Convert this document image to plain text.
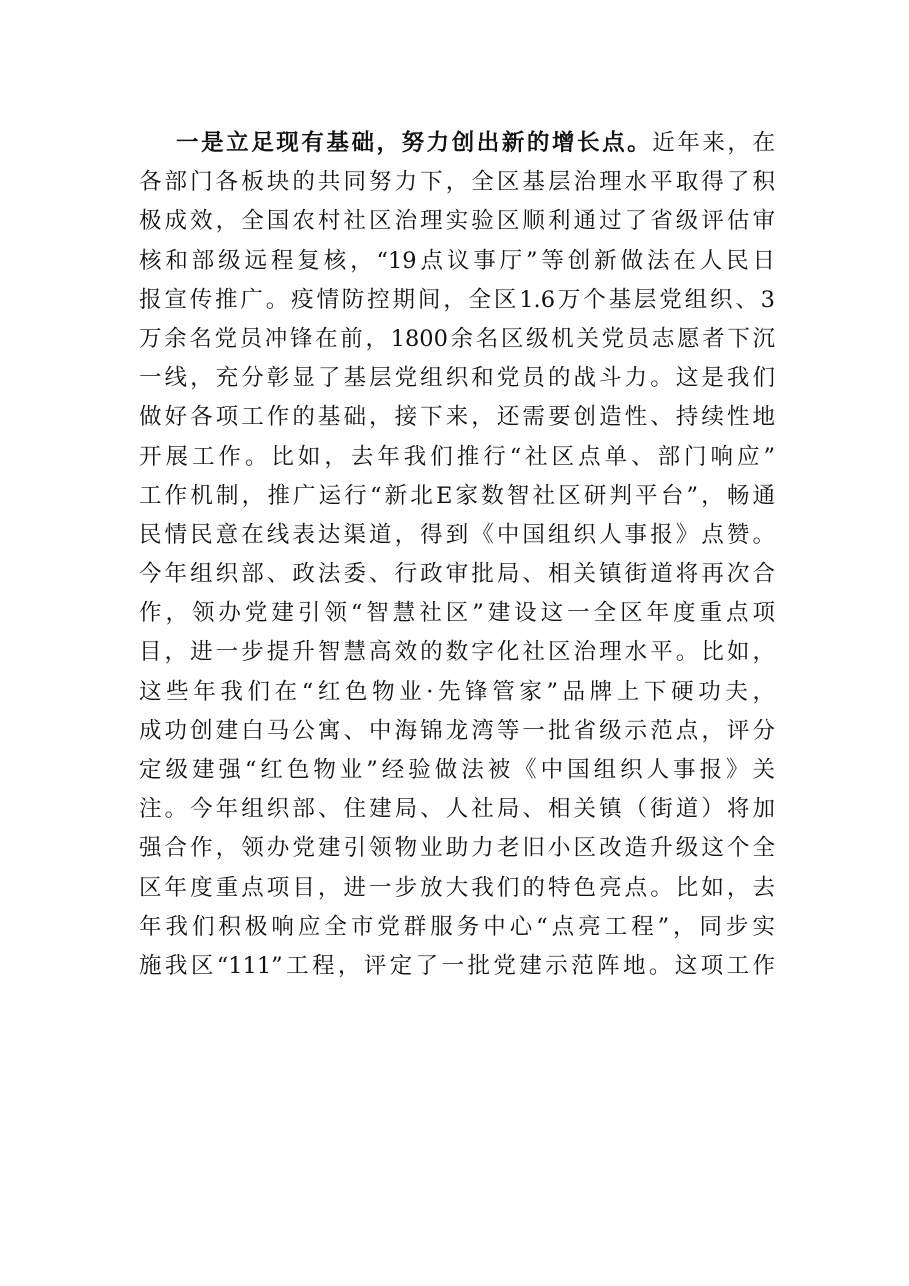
一是立足现有基础，努力创出新的增长点。近年来，在
各部门各板块的共同努力下，全区基层治理水平取得了积
极成效，全国农村社区治理实验区顺利通过了省级评估审
核和部级远程复核，“19点议事厅”等创新做法在人民日
报宣传推广。疫情防控期间，全区1.6万个基层党组织、3
万余名党员冲锋在前，1800余名区级机关党员志愿者下沉
一线，充分彰显了基层党组织和党员的战斗力。这是我们
做好各项工作的基础，接下来，还需要创造性、持续性地
开展工作。比如，去年我们推行“社区点单、部门响应”
工作机制，推广运行“新北E家数智社区研判平台”，畅通
民情民意在线表达渠道，得到《中国组织人事报》点赞。
今年组织部、政法委、行政审批局、相关镇街道将再次合
作，领办党建引领“智慧社区”建设这一全区年度重点项
目，进一步提升智慧高效的数字化社区治理水平。比如，
这些年我们在“红色物业·先锋管家”品牌上下硬功夫，
成功创建白马公寓、中海锦龙湾等一批省级示范点，评分
定级建强“红色物业”经验做法被《中国组织人事报》关
注。今年组织部、住建局、人社局、相关镇（街道）将加
强合作，领办党建引领物业助力老旧小区改造升级这个全
区年度重点项目，进一步放大我们的特色亮点。比如，去
年我们积极响应全市党群服务中心“点亮工程”，同步实
施我区“111”工程，评定了一批党建示范阵地。这项工作
